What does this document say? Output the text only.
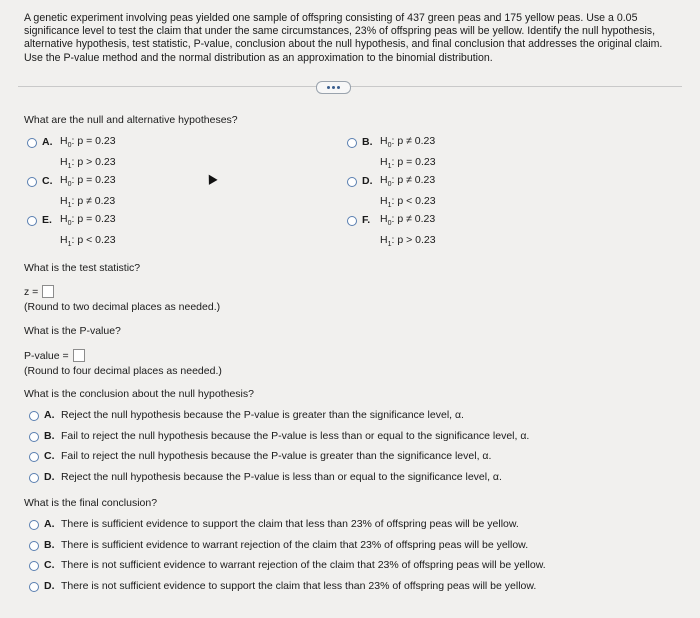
A genetic experiment involving peas yielded one sample of offspring consisting of 437 green peas and 175 yellow peas. Use a 0.05 significance level to test the claim that under the same circumstances, 23% of offspring peas will be yellow. Identify the null hypothesis, alternative hypothesis, test statistic, P-value, conclusion about the null hypothesis, and final conclusion that addresses the original claim. Use the P-value method and the normal distribution as an approximation to the binomial distribution.
What are the null and alternative hypotheses?
A. $H_0$: p = 0.23
$H_1$: p > 0.23
B. $H_0$: p ≠ 0.23
$H_1$: p = 0.23
C. $H_0$: p = 0.23
$H_1$: p ≠ 0.23
D. $H_0$: p ≠ 0.23
$H_1$: p < 0.23
E. $H_0$: p = 0.23
$H_1$: p < 0.23
F. $H_0$: p ≠ 0.23
$H_1$: p > 0.23
What is the test statistic?
z =
(Round to two decimal places as needed.)
What is the P-value?
P-value =
(Round to four decimal places as needed.)
What is the conclusion about the null hypothesis?
A. Reject the null hypothesis because the P-value is greater than the significance level, α.
B. Fail to reject the null hypothesis because the P-value is less than or equal to the significance level, α.
C. Fail to reject the null hypothesis because the P-value is greater than the significance level, α.
D. Reject the null hypothesis because the P-value is less than or equal to the significance level, α.
What is the final conclusion?
A. There is sufficient evidence to support the claim that less than 23% of offspring peas will be yellow.
B. There is sufficient evidence to warrant rejection of the claim that 23% of offspring peas will be yellow.
C. There is not sufficient evidence to warrant rejection of the claim that 23% of offspring peas will be yellow.
D. There is not sufficient evidence to support the claim that less than 23% of offspring peas will be yellow.
